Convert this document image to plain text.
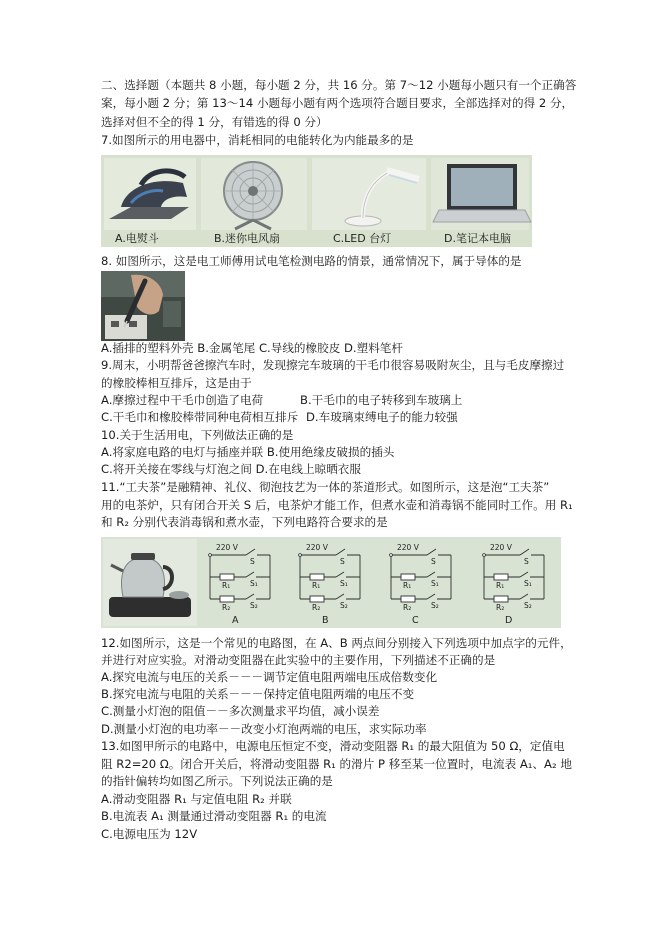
二、选择题（本题共 8 小题，每小题 2 分，共 16 分。第 7～12 小题每小题只有一个正确答
案，每小题 2 分；第 13～14 小题每小题有两个选项符合题目要求，全部选择对的得 2 分，
选择对但不全的得 1 分，有错选的得 0 分）
7.如图所示的用电器中，消耗相同的电能转化为内能最多的是
A.电熨斗	B.迷你电风扇	C.LED 台灯	D.笔记本电脑
8. 如图所示，这是电工师傅用试电笔检测电路的情景，通常情况下，属于导体的是
A.插排的塑料外壳 B.金属笔尾 C.导线的橡胶皮 D.塑料笔杆
9.周末，小明帮爸爸擦汽车时，发现擦完车玻璃的干毛巾很容易吸附灰尘，且与毛皮摩擦过
的橡胶棒相互排斥，这是由于
A.摩擦过程中干毛巾创造了电荷	B.干毛巾的电子转移到车玻璃上
C.干毛巾和橡胶棒带同种电荷相互排斥 D.车玻璃束缚电子的能力较强
10.关于生活用电，下列做法正确的是
A.将家庭电路的电灯与插座并联 B.使用绝缘皮破损的插头
C.将开关接在零线与灯泡之间 D.在电线上晾晒衣服
11.“工夫茶”是融精神、礼仪、彻泡技艺为一体的茶道形式。如图所示，这是泡“工夫茶”
用的电茶炉，只有闭合开关 S 后，电茶炉才能工作，但煮水壶和消毒锅不能同时工作。用 R₁
和 R₂ 分别代表消毒锅和煮水壶，下列电路符合要求的是
220 V
S
R₁	S₁
R₂	S₂
A
220 V
S
R₁	S₁
R₂	S₂
B
220 V
S
R₁	S₁
R₂	S₂
C
220 V
S
R₁	S₁
R₂	S₂
D
12.如图所示，这是一个常见的电路图，在 A、B 两点间分别接入下列选项中加点字的元件，
并进行对应实验。对滑动变阻器在此实验中的主要作用，下列描述不正确的是
A.探究电流与电压的关系－－－调节定值电阻两端电压成倍数变化
B.探究电流与电阻的关系－－－保持定值电阻两端的电压不变
C.测量小灯泡的阻值－－多次测量求平均值，减小误差
D.测量小灯泡的电功率－－改变小灯泡两端的电压，求实际功率
13.如图甲所示的电路中，电源电压恒定不变，滑动变阻器 R₁ 的最大阻值为 50 Ω，定值电
阻 R2=20 Ω。闭合开关后，将滑动变阻器 R₁ 的滑片 P 移至某一位置时，电流表 A₁、A₂ 地
的指针偏转均如图乙所示。下列说法正确的是
A.滑动变阻器 R₁ 与定值电阻 R₂ 并联
B.电流表 A₁ 测量通过滑动变阻器 R₁ 的电流
C.电源电压为 12V
